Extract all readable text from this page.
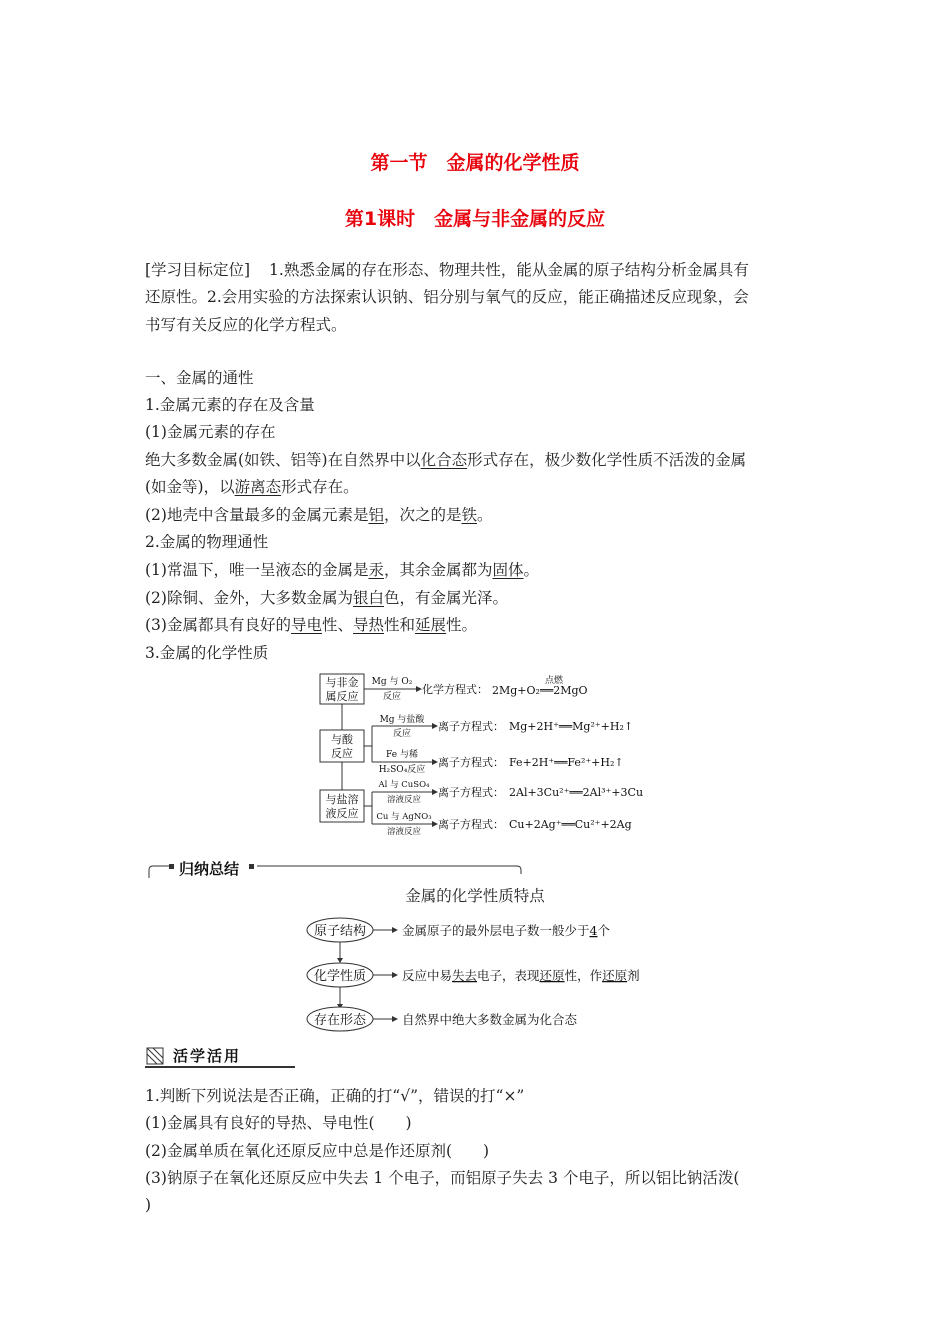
第一节　金属的化学性质
第1课时　金属与非金属的反应
[学习目标定位] 1.熟悉金属的存在形态、物理共性，能从金属的原子结构分析金属具有
还原性。2.会用实验的方法探索认识钠、铝分别与氧气的反应，能正确描述反应现象，会
书写有关反应的化学方程式。
一、金属的通性
1.金属元素的存在及含量
(1)金属元素的存在
绝大多数金属(如铁、铝等)在自然界中以化合态形式存在，极少数化学性质不活泼的金属
(如金等)，以游离态形式存在。
(2)地壳中含量最多的金属元素是铝，次之的是铁。
2.金属的物理通性
(1)常温下，唯一呈液态的金属是汞，其余金属都为固体。
(2)除铜、金外，大多数金属为银白色，有金属光泽。
(3)金属都具有良好的导电性、导热性和延展性。
3.金属的化学性质
与非金
属反应
与酸
反应
与盐溶
液反应
Mg 与 O₂
反应
化学方程式：
点燃
2Mg+O₂══2MgO
Mg 与盐酸
反应
离子方程式： Mg+2H⁺══Mg²⁺+H₂↑
Fe 与稀
H₂SO₄反应
离子方程式： Fe+2H⁺══Fe²⁺+H₂↑
Al 与 CuSO₄
溶液反应
离子方程式： 2Al+3Cu²⁺══2Al³⁺+3Cu
Cu 与 AgNO₃
溶液反应
离子方程式： Cu+2Ag⁺══Cu²⁺+2Ag
归纳总结
金属的化学性质特点
原子结构
化学性质
存在形态
金属原子的最外层电子数一般少于4个
反应中易失去电子，表现还原性，作还原剂
自然界中绝大多数金属为化合态
活学活用
1.判断下列说法是否正确，正确的打“√”，错误的打“×”
(1)金属具有良好的导热、导电性(　　)
(2)金属单质在氧化还原反应中总是作还原剂(　　)
(3)钠原子在氧化还原反应中失去 1 个电子，而铝原子失去 3 个电子，所以铝比钠活泼(
)
